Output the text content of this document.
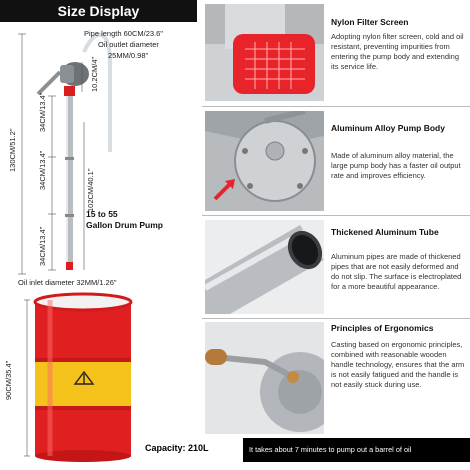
Size Display
Pipe length 60CM/23.6"
Oil outlet diameter
25MM/0.98"
10.2CM/4"
130CM/51.2"
34CM/13.4"
34CM/13.4"
34CM/13.4"
102CM/40.1"
15 to 55
Gallon Drum Pump
Oil inlet diameter 32MM/1.26"
90CM/35.4"
Nylon Filter Screen
Adopting nylon filter screen, cold and oil resistant, preventing impurities from entering the pump body and extending its service life.
Aluminum Alloy Pump Body
Made of aluminum alloy material, the large pump body has a faster oil output rate and improves efficiency.
Thickened Aluminum Tube
Aluminum pipes are made of thickened pipes that are not easily deformed and do not slip. The surface is electroplated for a more beautiful appearance.
Principles of Ergonomics
Casting based on ergonomic principles, combined with reasonable wooden handle technology, ensures that the arm is not easily fatigued and the handle is not easily stuck during use.
Capacity: 210L	It takes about 7 minutes to pump out a barrel of oil
